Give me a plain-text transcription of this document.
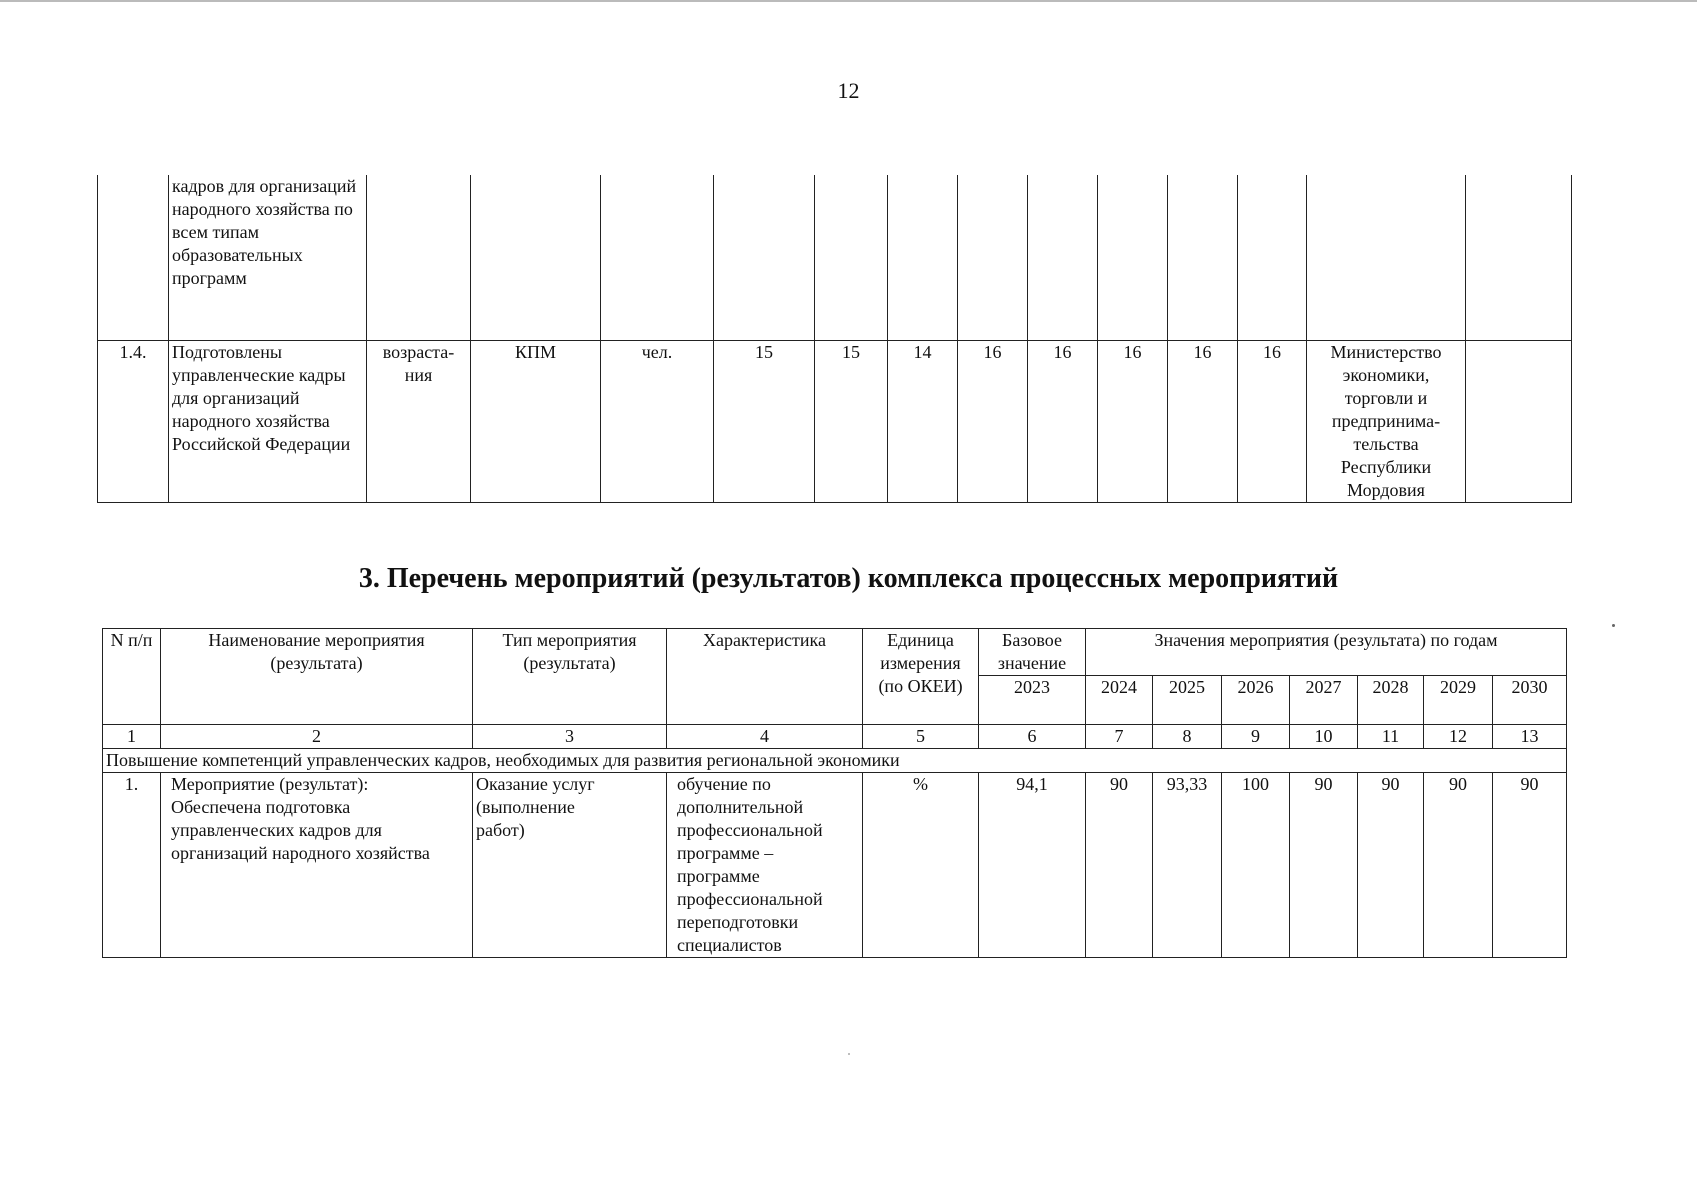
12
	кадров для организаций народного хозяйства по всем типам образовательных программ													
1.4.	Подготовлены управленческие кадры для организаций народного хозяйства Российской Федерации	возраста-ния	КПМ	чел.	15	15	14	16	16	16	16	16	Министерство экономики, торговли и предпринима-тельства Республики Мордовия	
3. Перечень мероприятий (результатов) комплекса процессных мероприятий
N п/п	Наименование мероприятия (результата)	Тип мероприятия (результата)	Характеристика	Единица измерения (по ОКЕИ)	Базовое значение	Значения мероприятия (результата) по годам						
					2023	2024	2025	2026	2027	2028	2029	2030
1	2	3	4	5	6	7	8	9	10	11	12	13
Повышение компетенций управленческих кадров, необходимых для развития региональной экономики												
1.	Мероприятие (результат): Обеспечена подготовка управленческих кадров для организаций народного хозяйства	Оказание услуг (выполнение работ)	обучение по дополнительной профессиональной программе – программе профессиональной переподготовки специалистов	%	94,1	90	93,33	100	90	90	90	90
